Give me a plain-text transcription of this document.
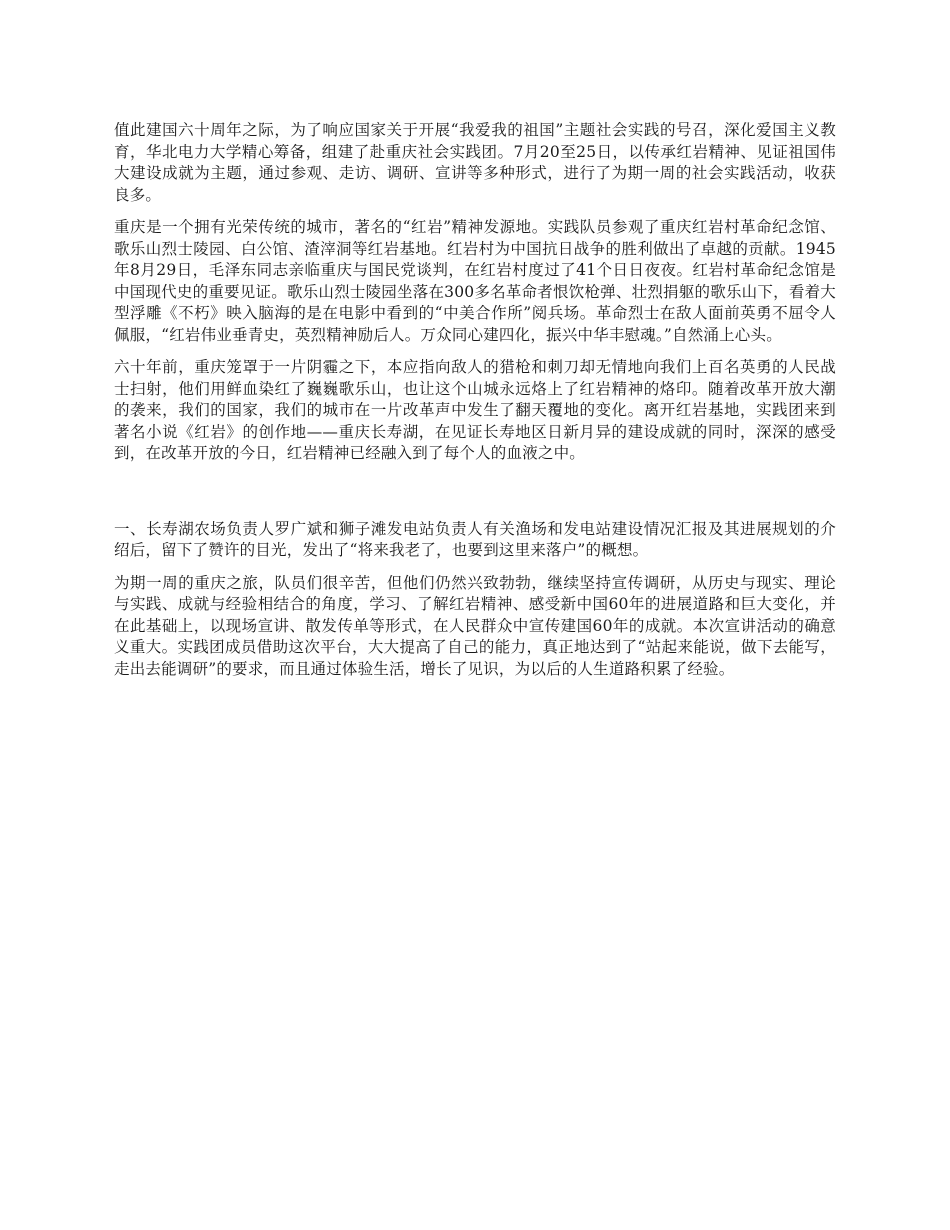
值此建国六十周年之际，为了响应国家关于开展“我爱我的祖国”主题社会实践的号召，深化爱国主义教育，华北电力大学精心筹备，组建了赴重庆社会实践团。7月20至25日，以传承红岩精神、见证祖国伟大建设成就为主题，通过参观、走访、调研、宣讲等多种形式，进行了为期一周的社会实践活动，收获良多。

重庆是一个拥有光荣传统的城市，著名的“红岩”精神发源地。实践队员参观了重庆红岩村革命纪念馆、歌乐山烈士陵园、白公馆、渣滓洞等红岩基地。红岩村为中国抗日战争的胜利做出了卓越的贡献。1945年8月29日，毛泽东同志亲临重庆与国民党谈判，在红岩村度过了41个日日夜夜。红岩村革命纪念馆是中国现代史的重要见证。歌乐山烈士陵园坐落在300多名革命者恨饮枪弹、壮烈捐躯的歌乐山下，看着大型浮雕《不朽》映入脑海的是在电影中看到的“中美合作所”阅兵场。革命烈士在敌人面前英勇不屈令人佩服，“红岩伟业垂青史，英烈精神励后人。万众同心建四化，振兴中华丰慰魂。”自然涌上心头。

六十年前，重庆笼罩于一片阴霾之下，本应指向敌人的猎枪和刺刀却无情地向我们上百名英勇的人民战士扫射，他们用鲜血染红了巍巍歌乐山，也让这个山城永远烙上了红岩精神的烙印。随着改革开放大潮的袭来，我们的国家，我们的城市在一片改革声中发生了翻天覆地的变化。离开红岩基地，实践团来到著名小说《红岩》的创作地——重庆长寿湖，在见证长寿地区日新月异的建设成就的同时，深深的感受到，在改革开放的今日，红岩精神已经融入到了每个人的血液之中。

一、长寿湖农场负责人罗广斌和狮子滩发电站负责人有关渔场和发电站建设情况汇报及其进展规划的介绍后，留下了赞许的目光，发出了“将来我老了，也要到这里来落户”的概想。

为期一周的重庆之旅，队员们很辛苦，但他们仍然兴致勃勃，继续坚持宣传调研，从历史与现实、理论与实践、成就与经验相结合的角度，学习、了解红岩精神、感受新中国60年的进展道路和巨大变化，并在此基础上，以现场宣讲、散发传单等形式，在人民群众中宣传建国60年的成就。本次宣讲活动的确意义重大。实践团成员借助这次平台，大大提高了自己的能力，真正地达到了“站起来能说，做下去能写，走出去能调研”的要求，而且通过体验生活，增长了见识，为以后的人生道路积累了经验。
